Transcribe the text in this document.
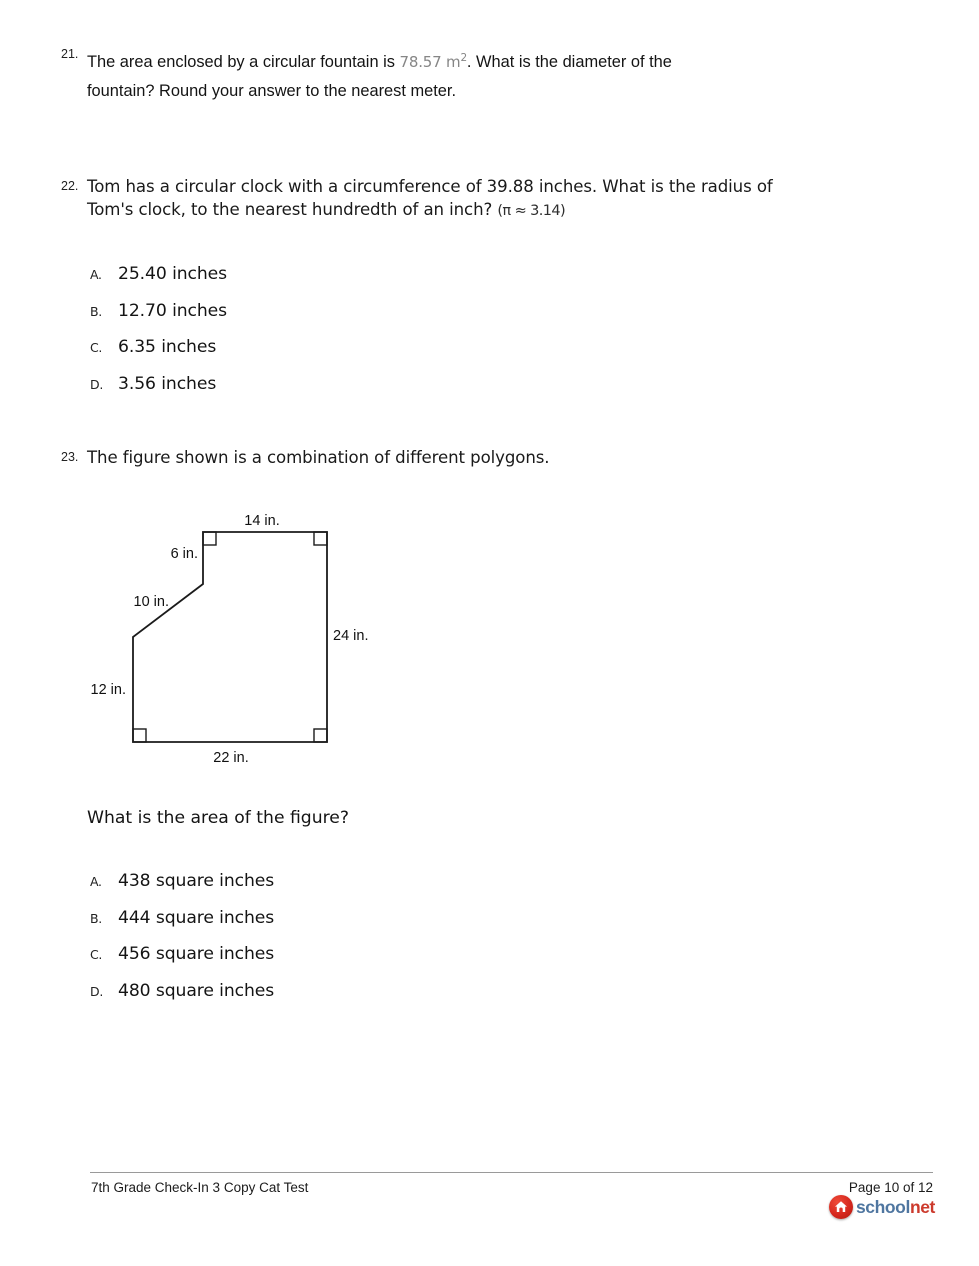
21. The area enclosed by a circular fountain is 78.57 $m^2$. What is the diameter of the fountain? Round your answer to the nearest meter.
22. Tom has a circular clock with a circumference of 39.88 inches. What is the radius of Tom's clock, to the nearest hundredth of an inch? (π ≈ 3.14)
A. 25.40 inches
B. 12.70 inches
C. 6.35 inches
D. 3.56 inches
23. The figure shown is a combination of different polygons.
14 in.
6 in.
10 in.
24 in.
12 in.
22 in.
What is the area of the figure?
A. 438 square inches
B. 444 square inches
C. 456 square inches
D. 480 square inches
7th Grade Check-In 3 Copy Cat Test	Page 10 of 12
schoolnet
